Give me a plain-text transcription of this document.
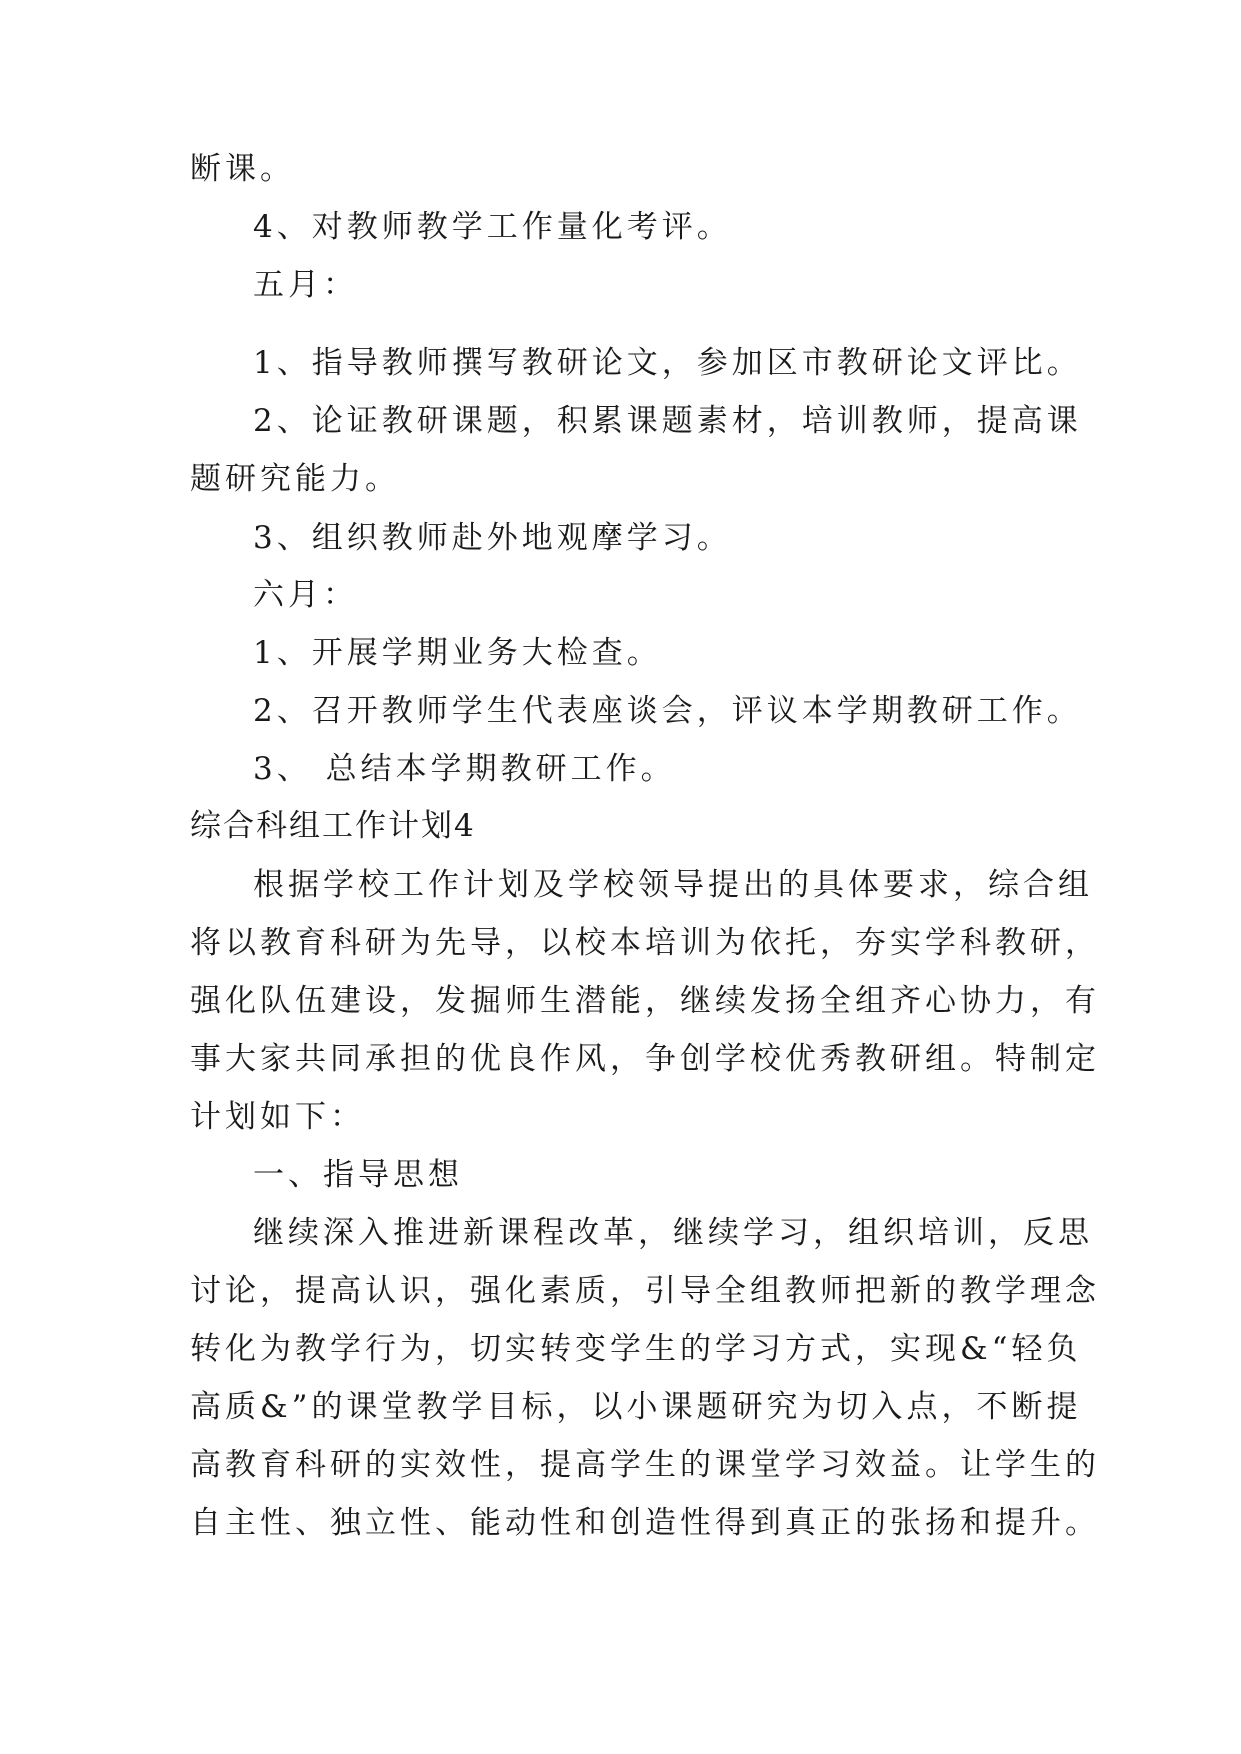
断课。
4、对教师教学工作量化考评。
五月：
1、指导教师撰写教研论文，参加区市教研论文评比。
2、论证教研课题，积累课题素材，培训教师，提高课
题研究能力。
3、组织教师赴外地观摩学习。
六月：
1、开展学期业务大检查。
2、召开教师学生代表座谈会，评议本学期教研工作。
3、 总结本学期教研工作。
综合科组工作计划4
根据学校工作计划及学校领导提出的具体要求，综合组
将以教育科研为先导，以校本培训为依托，夯实学科教研，
强化队伍建设，发掘师生潜能，继续发扬全组齐心协力，有
事大家共同承担的优良作风，争创学校优秀教研组。特制定
计划如下：
一、指导思想
继续深入推进新课程改革，继续学习，组织培训，反思
讨论，提高认识，强化素质，引导全组教师把新的教学理念
转化为教学行为，切实转变学生的学习方式，实现&“轻负
高质&”的课堂教学目标，以小课题研究为切入点，不断提
高教育科研的实效性，提高学生的课堂学习效益。让学生的
自主性、独立性、能动性和创造性得到真正的张扬和提升。
